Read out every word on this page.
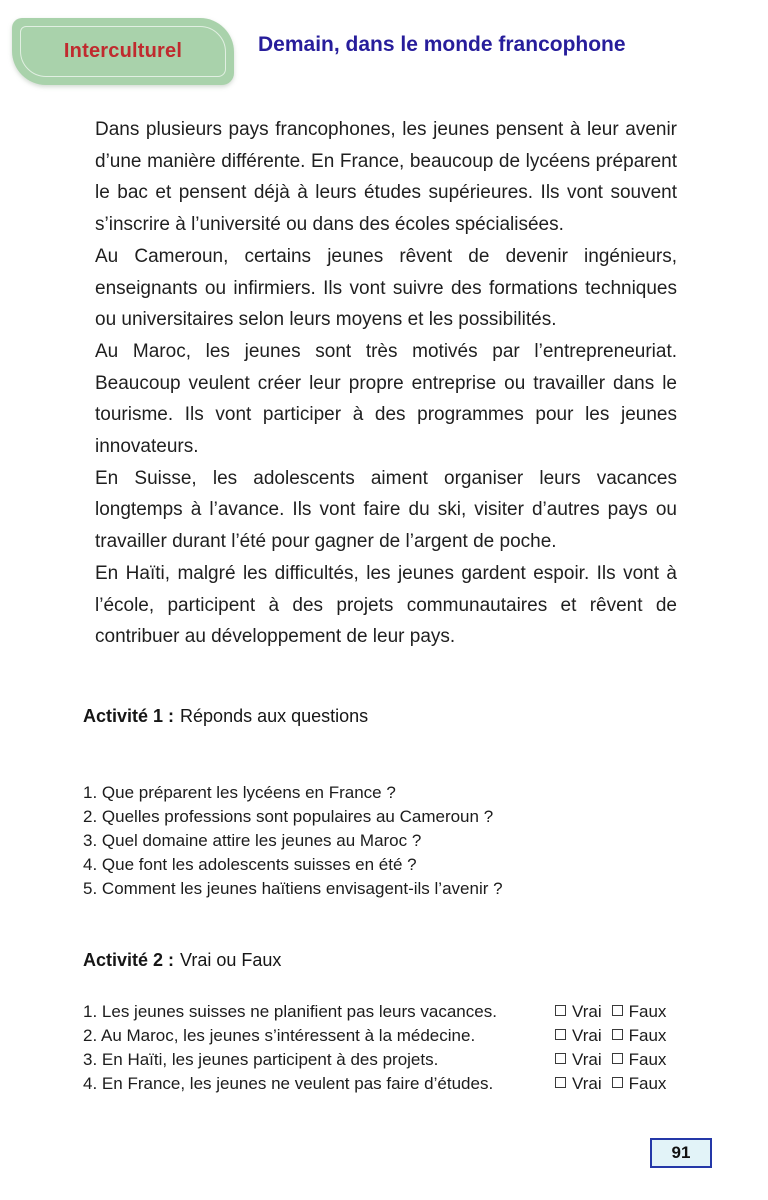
Interculturel	Demain, dans le monde francophone

Dans plusieurs pays francophones, les jeunes pensent à leur avenir d’une manière différente. En France, beaucoup de lycéens préparent le bac et pensent déjà à leurs études supérieures. Ils vont souvent s’inscrire à l’université ou dans des écoles spécialisées.

Au Cameroun, certains jeunes rêvent de devenir ingénieurs, enseignants ou infirmiers. Ils vont suivre des formations techniques ou universitaires selon leurs moyens et les possibilités.

Au Maroc, les jeunes sont très motivés par l’entrepreneuriat. Beaucoup veulent créer leur propre entreprise ou travailler dans le tourisme. Ils vont participer à des programmes pour les jeunes innovateurs.

En Suisse, les adolescents aiment organiser leurs vacances longtemps à l’avance. Ils vont faire du ski, visiter d’autres pays ou travailler durant l’été pour gagner de l’argent de poche.

En Haïti, malgré les difficultés, les jeunes gardent espoir. Ils vont à l’école, participent à des projets communautaires et rêvent de contribuer au développement de leur pays.

Activité 1 : Réponds aux questions
1. Que préparent les lycéens en France ?
2. Quelles professions sont populaires au Cameroun ?
3. Quel domaine attire les jeunes au Maroc ?
4. Que font les adolescents suisses en été ?
5. Comment les jeunes haïtiens envisagent-ils l’avenir ?
Activité 2 : Vrai ou Faux
1. Les jeunes suisses ne planifient pas leurs vacances.	Vrai Faux
2. Au Maroc, les jeunes s’intéressent à la médecine.	Vrai Faux
3. En Haïti, les jeunes participent à des projets.	Vrai Faux
4. En France, les jeunes ne veulent pas faire d’études.	Vrai Faux
91
